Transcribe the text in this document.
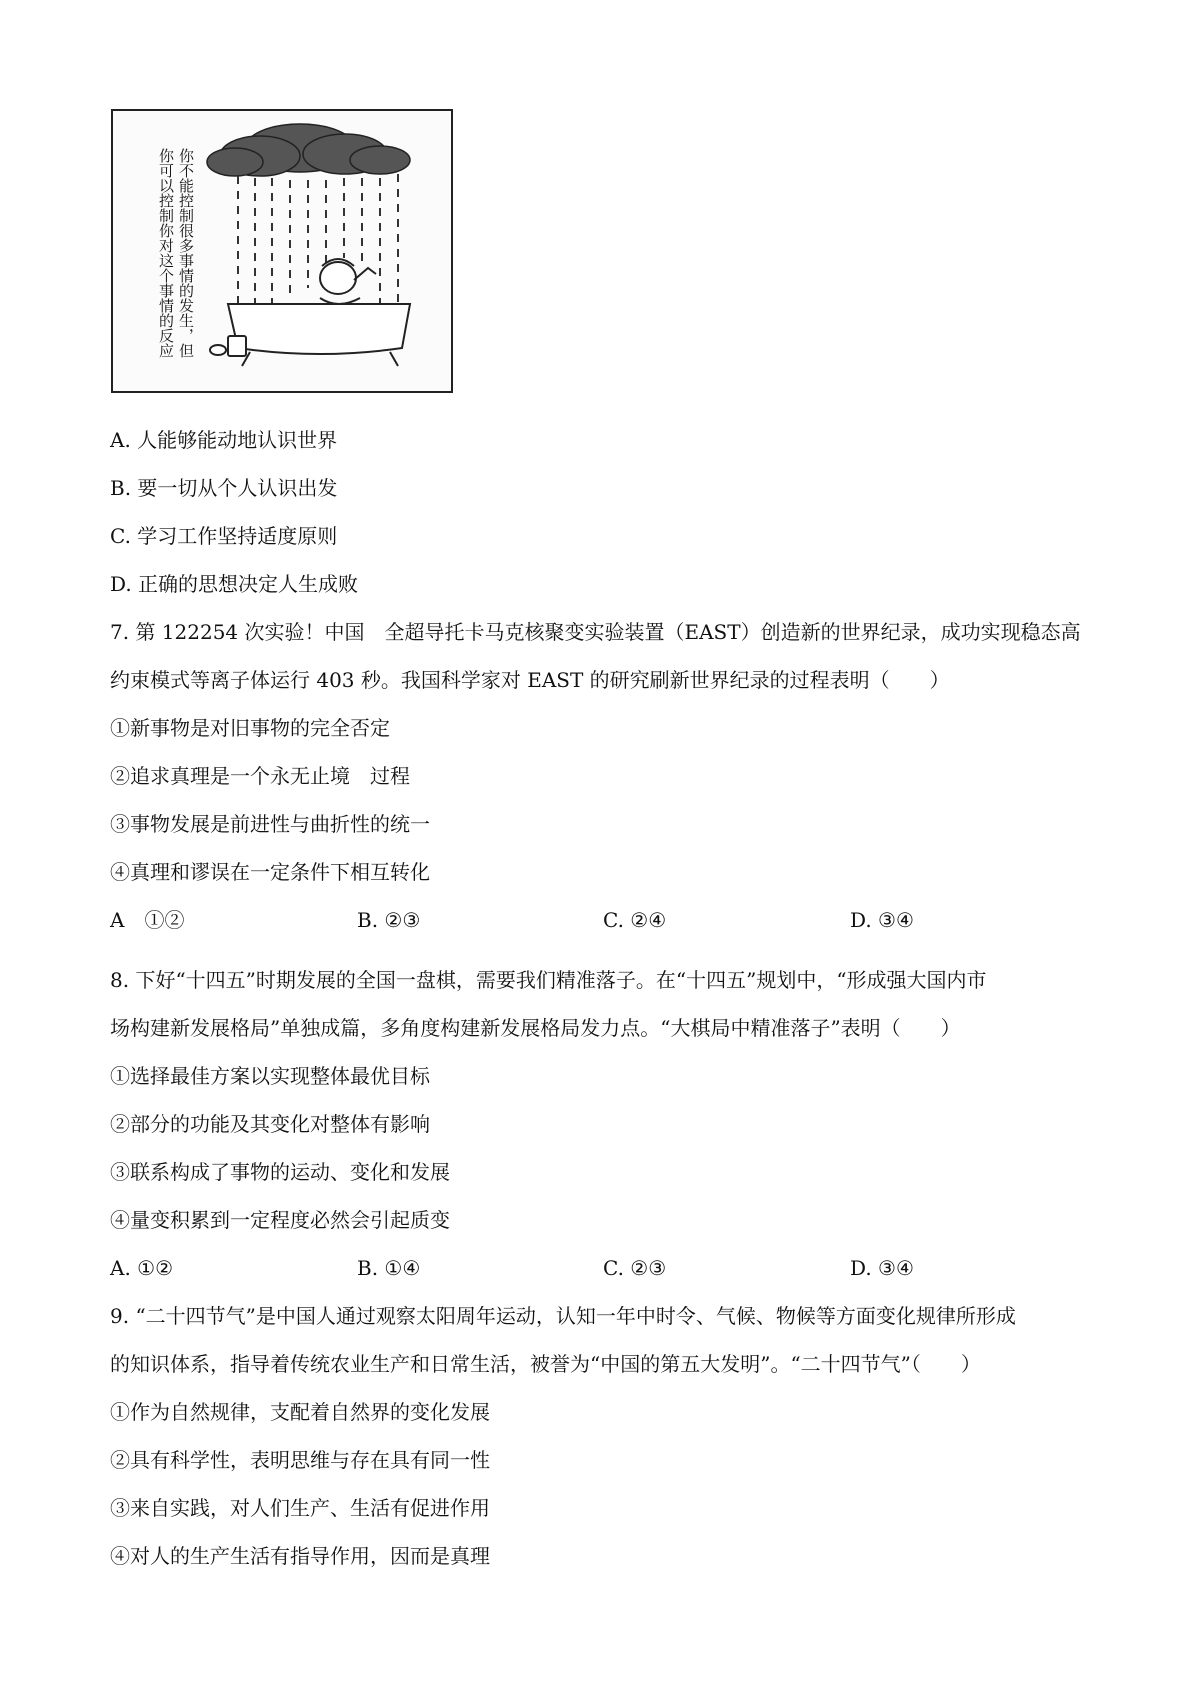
你不能控制很多事情的发生，但
你可以控制你对这个事情的反应
A. 人能够能动地认识世界
B. 要一切从个人认识出发
C. 学习工作坚持适度原则
D. 正确的思想决定人生成败
7. 第 122254 次实验！中国　全超导托卡马克核聚变实验装置（EAST）创造新的世界纪录，成功实现稳态高
约束模式等离子体运行 403 秒。我国科学家对 EAST 的研究刷新世界纪录的过程表明（　　）
①新事物是对旧事物的完全否定
②追求真理是一个永无止境　过程
③事物发展是前进性与曲折性的统一
④真理和谬误在一定条件下相互转化
A　①②	B. ②③	C. ②④	D. ③④
8. 下好“十四五”时期发展的全国一盘棋，需要我们精准落子。在“十四五”规划中，“形成强大国内市
场构建新发展格局”单独成篇，多角度构建新发展格局发力点。“大棋局中精准落子”表明（　　）
①选择最佳方案以实现整体最优目标
②部分的功能及其变化对整体有影响
③联系构成了事物的运动、变化和发展
④量变积累到一定程度必然会引起质变
A. ①②	B. ①④	C. ②③	D. ③④
9. “二十四节气”是中国人通过观察太阳周年运动，认知一年中时令、气候、物候等方面变化规律所形成
的知识体系，指导着传统农业生产和日常生活，被誉为“中国的第五大发明”。“二十四节气”（　　）
①作为自然规律，支配着自然界的变化发展
②具有科学性，表明思维与存在具有同一性
③来自实践，对人们生产、生活有促进作用
④对人的生产生活有指导作用，因而是真理
